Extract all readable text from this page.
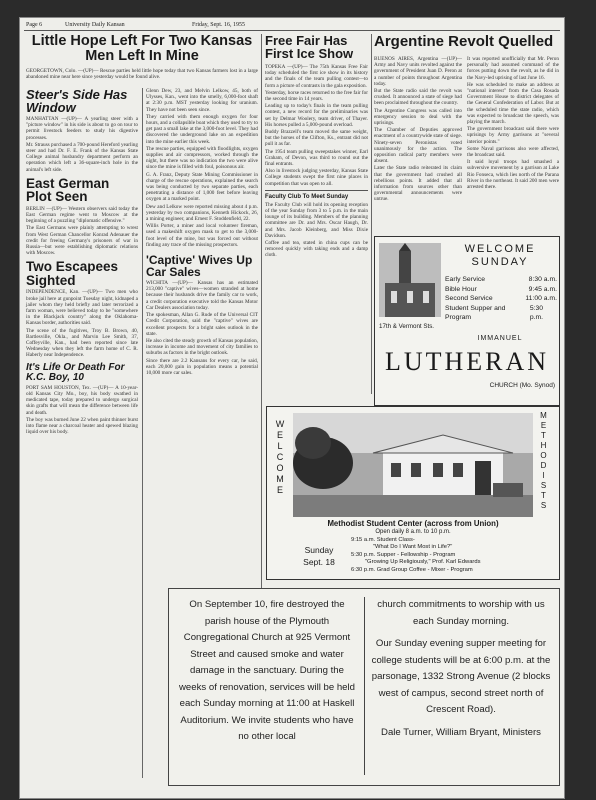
Page 6	University Daily Kansan	Friday, Sept. 16, 1955
Little Hope Left For Two Kansas Men Left In Mine
GEORGETOWN, Colo. —(UP)— Rescue parties held little hope today that two Kansas farmers lost in a large abandoned mine near here since yesterday would be found alive.
Steer's Side Has Window

MANHATTAN —(UP)— A yearling steer with a "picture window" in his side is about to go on tour to permit livestock feeders to study his digestive processes.

Mr. Strauss purchased a 700-pound Hereford yearling steer and had Dr. F. E. Frank of the Kansas State College animal husbandry department perform an operation which left a 36-square-inch hole in the animal's left side.

East German Plot Seen

BERLIN —(UP)— Western observers said today the East German regime went to Moscow at the beginning of a puzzling "diplomatic offensive."

The East Germans were plainly attempting to wrest from West German Chancellor Konrad Adenauer the credit for freeing Germany's prisoners of war in Russia—but were establishing diplomatic relations with Moscow.

Two Escapees Sighted

INDEPENDENCE, Kan. —(UP)— Two men who broke jail here at gunpoint Tuesday night, kidnaped a jailer whom they held briefly and later terrorized a farm woman, were believed today to be "somewhere in the Blackjack country" along the Oklahoma-Kansas border, authorities said.

The scene of the fugitives, Troy B. Brown, 40, Bartlesville, Okla., and Marvin Lee Smith, 37, Coffeyville, Kan., had been reported since late Wednesday when they left the farm home of C. R. Haberly near Independence.

It's Life Or Death For K.C. Boy, 10

PORT SAM HOUSTON, Tex. —(UP)— A 10-year-old Kansas City Mo., boy, his body swathed in medicated tape, today prepared to undergo surgical skin grafts that will mean the difference between life and death.

The boy was burned June 22 when paint thinner burst into flame near a charcoal heater and spewed blazing liquid over his body.

Glenn Dew, 23, and Melvin Lelkow, 45, both of Ulysses, Kan., went into the smelly, 6,000-foot shaft at 2:30 p.m. MST yesterday looking for uranium. They have not been seen since.

They carried with them enough oxygen for four hours, and a collapsible boat which they used to try to get past a small lake at the 3,000-foot level. They had discovered the underground lake on an expedition into the mine earlier this week.

The rescue parties, equipped with floodlights, oxygen supplies and air compressors, worked through the night, but there was no indication the two were alive since the mine is filled with foul, poisonous air.

G. A. Franz, Deputy State Mining Commissioner in charge of the rescue operations, explained the search was being conducted by two separate parties, each penetrating a distance of 1,000 feet before leaving oxygen at a marked point.

Dew and Lelkow were reported missing about 4 p.m. yesterday by two companions, Kenneth Hickock, 26, a mining engineer, and Ernest F. Stoddenfield, 22.

Willis Porter, a miner and local volunteer fireman, used a makeshift oxygen mask to get to the 3,000-foot level of the mine, but was forced out without finding any trace of the missing prospectors.

'Captive' Wives Up Car Sales

WICHITA —(UP)— Kansas has an estimated 213,000 "captive" wives—women stranded at home because their husbands drive the family car to work, a credit corporation executive told the Kansas Motor Car Dealers association today.

The spokesman, Allan G. Rude of the Universal CIT Credit Corporation, said the "captive" wives are excellent prospects for a bright sales outlook in the state.

He also cited the steady growth of Kansas population, increase in income and movement of city families to suburbs as factors in the bright outlook.

Since there are 2.2 Kansans for every car, he said, each 20,000 gain in population means a potential 10,000 more car sales.

Free Fair Has First Ice Show

TOPEKA —(UP)— The 75th Kansas Free Fair today scheduled the first ice show in its history and the finals of the team pulling contest—to form a picture of contrasts in the gala exposition.

Yesterday, horse races returned to the free fair for the second time in 14 years.

Leading up to today's finals in the team pulling contest, a new record for the preliminaries was set by Delmar Woolery, team driver, of Thayer. His horses pulled a 5,000-pound overload.

Buddy Brazzell's team moved the same weight, but the horses of the Clifton, Ks., entrant did not pull it as far.

The 1954 team pulling sweepstakes winner, Earl Graham, of Devon, was third to round out the final entrants.

Also in livestock judging yesterday, Kansas State College students swept the first nine places in competition that was open to all.

Faculty Club To Meet Sunday

The Faculty Club will hold its opening reception of the year Sunday from 3 to 5 p.m. in the main lounge of its building. Members of the planning committee are Dr. and Mrs. Oscar Haugh, Dr. and Mrs. Jacob Kleinberg, and Miss Dixie Davidson.

Coffee and tea, stated in china cups can be removed quickly with taking ends and a damp cloth.

Argentine Revolt Quelled

BUENOS AIRES, Argentina —(UP)— Army and Navy units revolted against the government of President Juan D. Peron at a number of points throughout Argentina today.

But the State radio said the revolt was crushed. It announced a state of siege had been proclaimed throughout the country.

The Argentine Congress was called into emergency session to deal with the uprisings.

The Chamber of Deputies approved enactment of a countrywide state of siege. Ninety-seven Peronistas voted unanimously for the action. The opposition radical party members were absent.

Later the State radio reiterated its claim that the government had crushed all rebellious points. It added that all information from sources other than governmental announcements were untrue.

It was reported unofficially that Mr. Peron personally had assumed command of the forces putting down the revolt, as he did in the Navy-led uprising of last June 16.

He was scheduled to make an address at "national interest" from the Casa Rosada Government House to district delegates of the General Confederation of Labor. But at the scheduled time the state radio, which was expected to broadcast the speech, was playing the march.

The government broadcast said there were uprisings by Army garrisons at "several interior points."

Some Naval garrisons also were affected, the broadcast said.

It said loyal troops had smashed a subversive movement by a garrison at Lake Rio Fonseca, which lies north of the Parana River in the northeast. It said 200 men were arrested there.

WELCOME
SUNDAY
Early Service	8:30 a.m.
Bible Hour	9:45 a.m.
Second Service	11:00 a.m.
Student Supper and Program
5:30 p.m.
17th & Vermont Sts.
IMMANUEL
LUTHERAN
CHURCH (Mo. Synod)
WELCOME	METHODISTS
Methodist Student Center (across from Union)
Open daily 8 a.m. to 10 p.m.
Sunday
Sept. 18
9:15 a.m. Student Class-
"What Do I Want Most in Life?"
5:30 p.m. Supper - Fellowship - Program
"Growing Up Religiously," Prof. Karl Edwards
6:30 p.m. Grad Group Coffee - Mixer - Program
On September 10, fire destroyed the parish house of the Plymouth Congregational Church at 925 Vermont Street and caused smoke and water damage in the sanctuary. During the weeks of renovation, services will be held each Sunday morning at 11:00 at Haskell Auditorium. We invite students who have no other local
church commitments to worship with us each Sunday morning.
Our Sunday evening supper meeting for college students will be at 6:00 p.m. at the parsonage, 1332 Strong Avenue (2 blocks west of campus, second street north of Crescent Road).
Dale Turner, William Bryant, Ministers
